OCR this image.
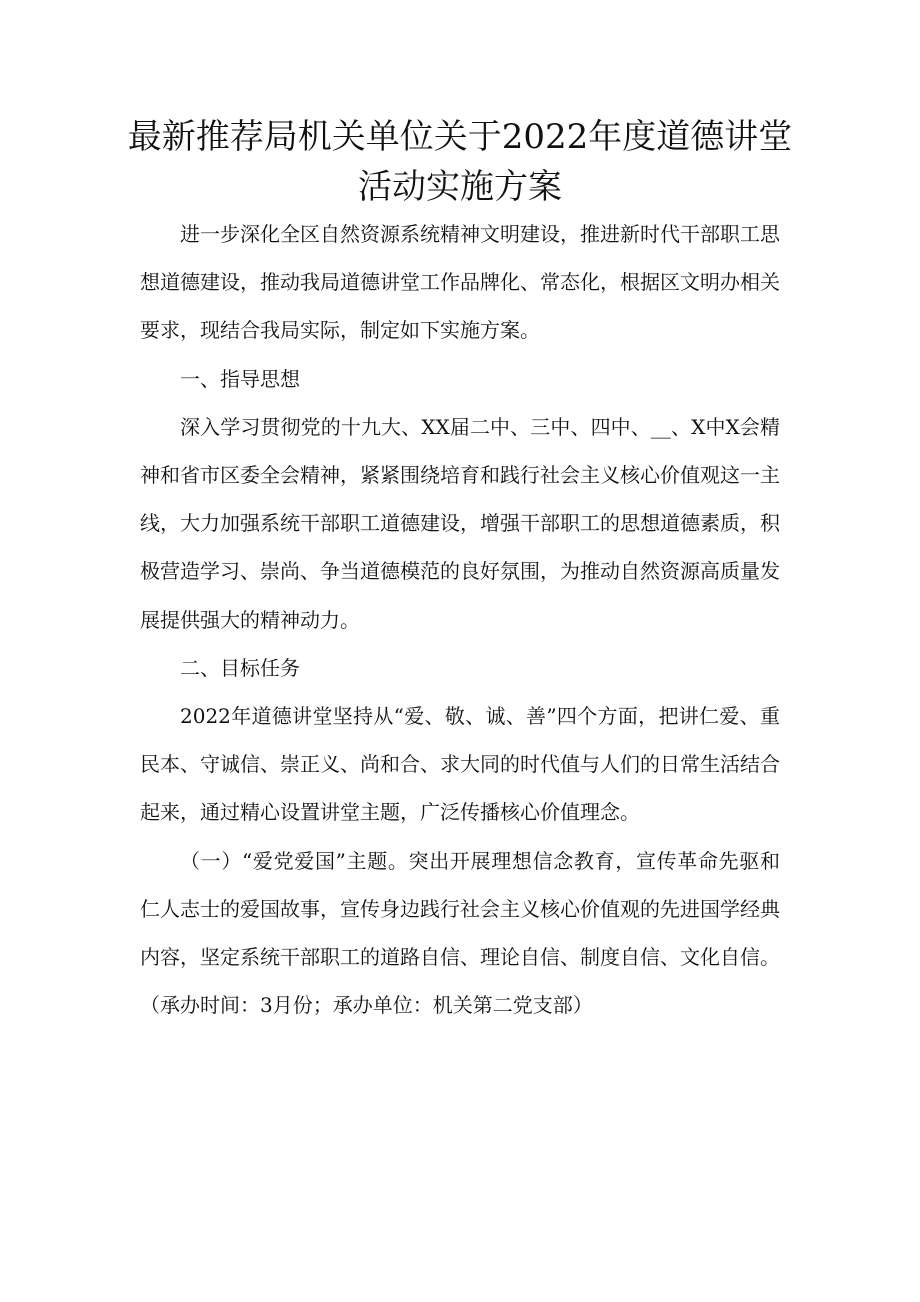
最新推荐局机关单位关于2022年度道德讲堂活动实施方案

进一步深化全区自然资源系统精神文明建设，推进新时代干部职工思想道德建设，推动我局道德讲堂工作品牌化、常态化，根据区文明办相关要求，现结合我局实际，制定如下实施方案。

一、指导思想

深入学习贯彻党的十九大、XX届二中、三中、四中、__、X中X会精神和省市区委全会精神，紧紧围绕培育和践行社会主义核心价值观这一主线，大力加强系统干部职工道德建设，增强干部职工的思想道德素质，积极营造学习、崇尚、争当道德模范的良好氛围，为推动自然资源高质量发展提供强大的精神动力。

二、目标任务

2022年道德讲堂坚持从“爱、敬、诚、善”四个方面，把讲仁爱、重民本、守诚信、崇正义、尚和合、求大同的时代值与人们的日常生活结合起来，通过精心设置讲堂主题，广泛传播核心价值理念。

（一）“爱党爱国”主题。突出开展理想信念教育，宣传革命先驱和仁人志士的爱国故事，宣传身边践行社会主义核心价值观的先进国学经典内容，坚定系统干部职工的道路自信、理论自信、制度自信、文化自信。（承办时间：3月份；承办单位：机关第二党支部）
